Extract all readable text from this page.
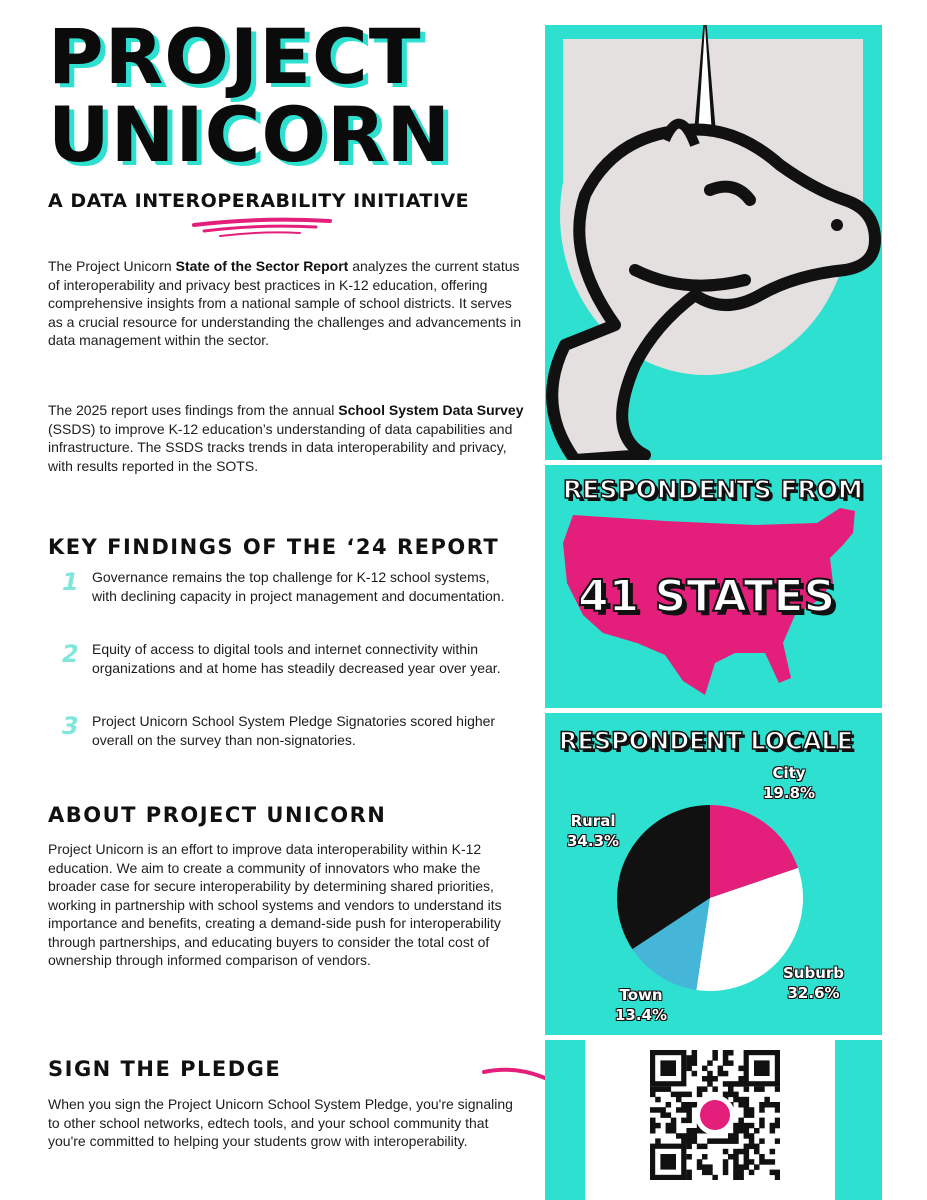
PROJECT
UNICORN
A DATA INTEROPERABILITY INITIATIVE

The Project Unicorn State of the Sector Report analyzes the current status of interoperability and privacy best practices in K-12 education, offering comprehensive insights from a national sample of school districts. It serves as a crucial resource for understanding the challenges and advancements in data management within the sector.

The 2025 report uses findings from the annual School System Data Survey (SSDS) to improve K-12 education’s understanding of data capabilities and infrastructure. The SSDS tracks trends in data interoperability and privacy, with results reported in the SOTS.

KEY FINDINGS OF THE ‘24 REPORT
1 Governance remains the top challenge for K-12 school systems, with declining capacity in project management and documentation.
2 Equity of access to digital tools and internet connectivity within organizations and at home has steadily decreased year over year.
3 Project Unicorn School System Pledge Signatories scored higher overall on the survey than non-signatories.
ABOUT PROJECT UNICORN

Project Unicorn is an effort to improve data interoperability within K-12 education. We aim to create a community of innovators who make the broader case for secure interoperability by determining shared priorities, working in partnership with school systems and vendors to understand its importance and benefits, creating a demand-side push for interoperability through partnerships, and educating buyers to consider the total cost of ownership through informed comparison of vendors.

SIGN THE PLEDGE

When you sign the Project Unicorn School System Pledge, you're signaling to other school networks, edtech tools, and your school community that you're committed to helping your students grow with interoperability.

RESPONDENTS FROM
41 STATES
RESPONDENT LOCALE
City
19.8%
Suburb
32.6%
Town
13.4%
Rural
34.3%
